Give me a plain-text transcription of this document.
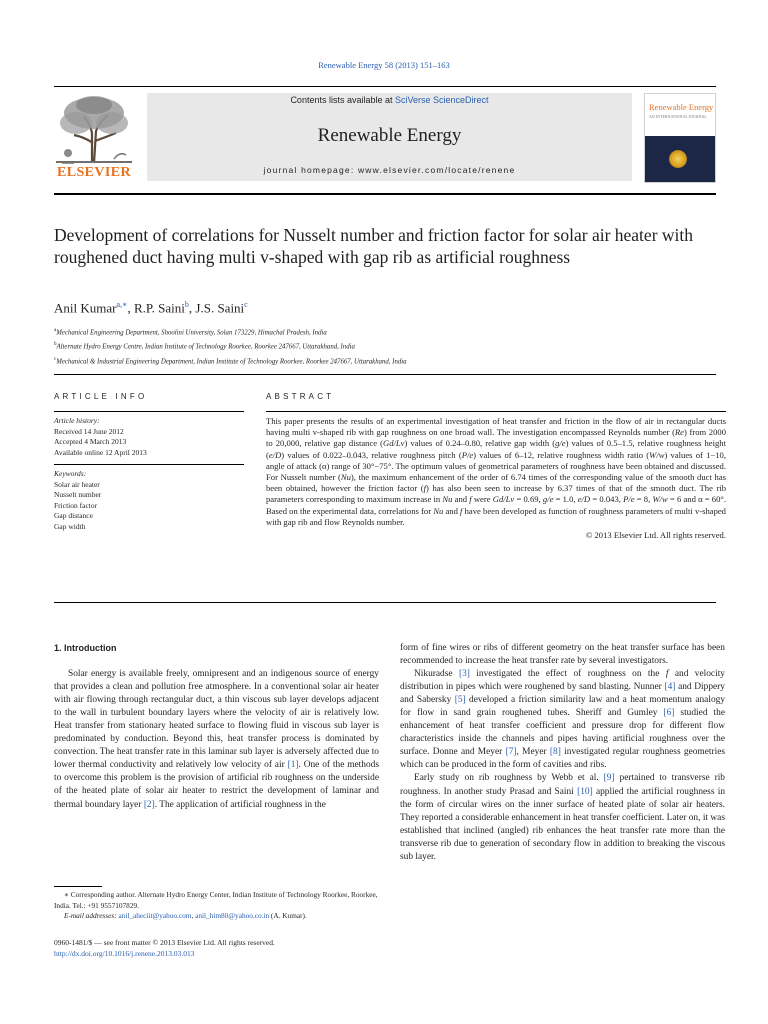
Renewable Energy 58 (2013) 151–163
ELSEVIER
Contents lists available at SciVerse ScienceDirect
Renewable Energy
journal homepage: www.elsevier.com/locate/renene
Renewable Energy
AN INTERNATIONAL JOURNAL
Development of correlations for Nusselt number and friction factor for solar air heater with roughened duct having multi v-shaped with gap rib as artificial roughness
Anil Kumar$^{a,∗}$, R.P. Saini$^b$, J.S. Saini$^c$
$^a$Mechanical Engineering Department, Shoolini University, Solan 173229, Himachal Pradesh, India
$^b$Alternate Hydro Energy Centre, Indian Institute of Technology Roorkee, Roorkee 247667, Uttarakhand, India
$^c$Mechanical & Industrial Engineering Department, Indian Institute of Technology Roorkee, Roorkee 247667, Uttarakhand, India
ARTICLE INFO
Article history:
Received 14 June 2012
Accepted 4 March 2013
Available online 12 April 2013
Keywords:
Solar air heater
Nusselt number
Friction factor
Gap distance
Gap width
ABSTRACT
This paper presents the results of an experimental investigation of heat transfer and friction in the flow of air in rectangular ducts having multi v-shaped rib with gap roughness on one broad wall. The investigation encompassed Reynolds number (Re) from 2000 to 20,000, relative gap distance (Gd/Lv) values of 0.24–0.80, relative gap width (g/e) values of 0.5–1.5, relative roughness height (e/D) values of 0.022–0.043, relative roughness pitch (P/e) values of 6–12, relative roughness width ratio (W/w) values of 1−10, angle of attack (α) range of 30°−75°. The optimum values of geometrical parameters of roughness have been obtained and discussed. For Nusselt number (Nu), the maximum enhancement of the order of 6.74 times of the corresponding value of the smooth duct has been obtained, however the friction factor (f) has also been seen to increase by 6.37 times of that of the smooth duct. The rib parameters corresponding to maximum increase in Nu and f were Gd/Lv = 0.69, g/e = 1.0, e/D = 0.043, P/e = 8, W/w = 6 and α = 60°. Based on the experimental data, correlations for Nu and f have been developed as function of roughness parameters of multi v-shaped with gap rib and flow Reynolds number.
© 2013 Elsevier Ltd. All rights reserved.
1. Introduction

Solar energy is available freely, omnipresent and an indigenous source of energy that provides a clean and pollution free atmosphere. In a conventional solar air heater with air flowing through rectangular duct, a thin viscous sub layer develops adjacent to the wall in turbulent boundary layers where the velocity of air is relatively low. Heat transfer from stationary heated surface to flowing fluid in viscous sub layer is predominated by conduction. Beyond this, heat transfer process is dominated by convection. The heat transfer rate in this laminar sub layer is adversely affected due to lower thermal conductivity and relatively low velocity of air [1]. One of the methods to overcome this problem is the provision of artificial rib roughness on the underside of the heated plate of solar air heater to restrict the development of laminar and thermal boundary layer [2]. The application of artificial roughness in the

form of fine wires or ribs of different geometry on the heat transfer surface has been recommended to increase the heat transfer rate by several investigators.

Nikuradse [3] investigated the effect of roughness on the f and velocity distribution in pipes which were roughened by sand blasting. Nunner [4] and Dippery and Sabersky [5] developed a friction similarity law and a heat momentum analogy for flow in sand grain roughened tubes. Sheriff and Gumley [6] studied the enhancement of heat transfer coefficient and pressure drop for different flow characteristics inside the channels and pipes having artificial roughness over the surface. Donne and Meyer [7], Meyer [8] investigated regular roughness geometries which can be produced in the form of cavities and ribs.

Early study on rib roughness by Webb et al. [9] pertained to transverse rib roughness. In another study Prasad and Saini [10] applied the artificial roughness in the form of circular wires on the inner surface of heated plate of solar air heaters. They reported a considerable enhancement in heat transfer coefficient. Later on, it was established that inclined (angled) rib enhances the heat transfer rate more than the transverse rib due to generation of secondary flow in addition to breaking the viscous sub layer.

∗ Corresponding author. Alternate Hydro Energy Center, Indian Institute of Technology Roorkee, Roorkee, India. Tel.: +91 9557107829.

E-mail addresses: anil_aheciit@yahoo.com, anil_him80@yahoo.co.in (A. Kumar).

0960-1481/$ — see front matter © 2013 Elsevier Ltd. All rights reserved.

http://dx.doi.org/10.1016/j.renene.2013.03.013
